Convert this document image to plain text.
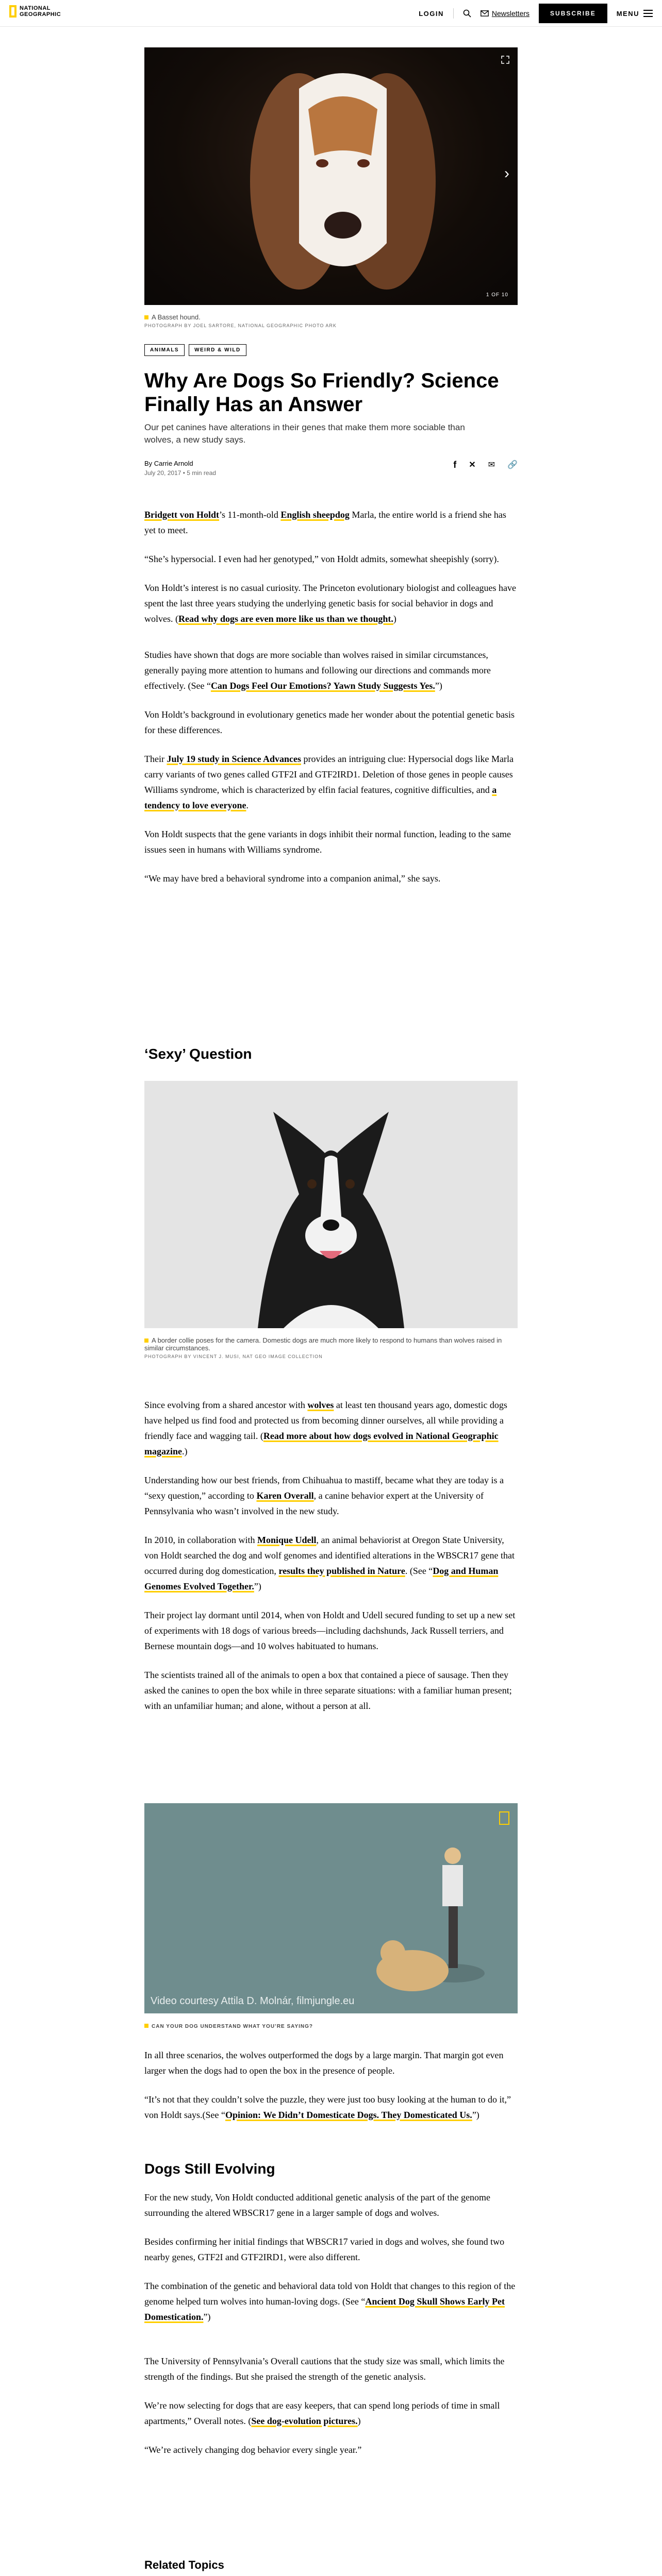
NATIONAL
GEOGRAPHIC	LOGIN	Newsletters	SUBSCRIBE	MENU
›
1 OF 10
A Basset hound.
PHOTOGRAPH BY JOEL SARTORE, NATIONAL GEOGRAPHIC PHOTO ARK
ANIMALS	WEIRD & WILD
Why Are Dogs So Friendly? Science Finally Has an Answer

Our pet canines have alterations in their genes that make them more sociable than wolves, a new study says.

By Carrie Arnold
July 20, 2017 • 5 min read
f ✕ ✉ 🔗

Bridgett von Holdt’s 11-month-old English sheepdog Marla, the entire world is a friend she has yet to meet.

“She’s hypersocial. I even had her genotyped,” von Holdt admits, somewhat sheepishly (sorry).

Von Holdt’s interest is no casual curiosity. The Princeton evolutionary biologist and colleagues have spent the last three years studying the underlying genetic basis for social behavior in dogs and wolves. (Read why dogs are even more like us than we thought.)

Studies have shown that dogs are more sociable than wolves raised in similar circumstances, generally paying more attention to humans and following our directions and commands more effectively. (See “Can Dogs Feel Our Emotions? Yawn Study Suggests Yes.”)

Von Holdt’s background in evolutionary genetics made her wonder about the potential genetic basis for these differences.

Their July 19 study in Science Advances provides an intriguing clue: Hypersocial dogs like Marla carry variants of two genes called GTF2I and GTF2IRD1. Deletion of those genes in people causes Williams syndrome, which is characterized by elfin facial features, cognitive difficulties, and a tendency to love everyone.

Von Holdt suspects that the gene variants in dogs inhibit their normal function, leading to the same issues seen in humans with Williams syndrome.

“We may have bred a behavioral syndrome into a companion animal,” she says.

‘Sexy’ Question
A border collie poses for the camera. Domestic dogs are much more likely to respond to humans than wolves raised in similar circumstances.
PHOTOGRAPH BY VINCENT J. MUSI, NAT GEO IMAGE COLLECTION

Since evolving from a shared ancestor with wolves at least ten thousand years ago, domestic dogs have helped us find food and protected us from becoming dinner ourselves, all while providing a friendly face and wagging tail. (Read more about how dogs evolved in National Geographic magazine.)

Understanding how our best friends, from Chihuahua to mastiff, became what they are today is a “sexy question,” according to Karen Overall, a canine behavior expert at the University of Pennsylvania who wasn’t involved in the new study.

In 2010, in collaboration with Monique Udell, an animal behaviorist at Oregon State University, von Holdt searched the dog and wolf genomes and identified alterations in the WBSCR17 gene that occurred during dog domestication, results they published in Nature. (See “Dog and Human Genomes Evolved Together.”)

Their project lay dormant until 2014, when von Holdt and Udell secured funding to set up a new set of experiments with 18 dogs of various breeds—including dachshunds, Jack Russell terriers, and Bernese mountain dogs—and 10 wolves habituated to humans.

The scientists trained all of the animals to open a box that contained a piece of sausage. Then they asked the canines to open the box while in three separate situations: with a familiar human present; with an unfamiliar human; and alone, without a person at all.

Video courtesy Attila D. Molnár, filmjungle.eu
CAN YOUR DOG UNDERSTAND WHAT YOU’RE SAYING?

In all three scenarios, the wolves outperformed the dogs by a large margin. That margin got even larger when the dogs had to open the box in the presence of people.

“It’s not that they couldn’t solve the puzzle, they were just too busy looking at the human to do it,” von Holdt says.(See “Opinion: We Didn’t Domesticate Dogs. They Domesticated Us.”)

Dogs Still Evolving

For the new study, Von Holdt conducted additional genetic analysis of the part of the genome surrounding the altered WBSCR17 gene in a larger sample of dogs and wolves.

Besides confirming her initial findings that WBSCR17 varied in dogs and wolves, she found two nearby genes, GTF2I and GTF2IRD1, were also different.

The combination of the genetic and behavioral data told von Holdt that changes to this region of the genome helped turn wolves into human-loving dogs. (See “Ancient Dog Skull Shows Early Pet Domestication.”)

The University of Pennsylvania’s Overall cautions that the study size was small, which limits the strength of the findings. But she praised the strength of the genetic analysis.

We’re now selecting for dogs that are easy keepers, that can spend long periods of time in small apartments,” Overall notes. (See dog-evolution pictures.)

“We’re actively changing dog behavior every single year.”

Related Topics
